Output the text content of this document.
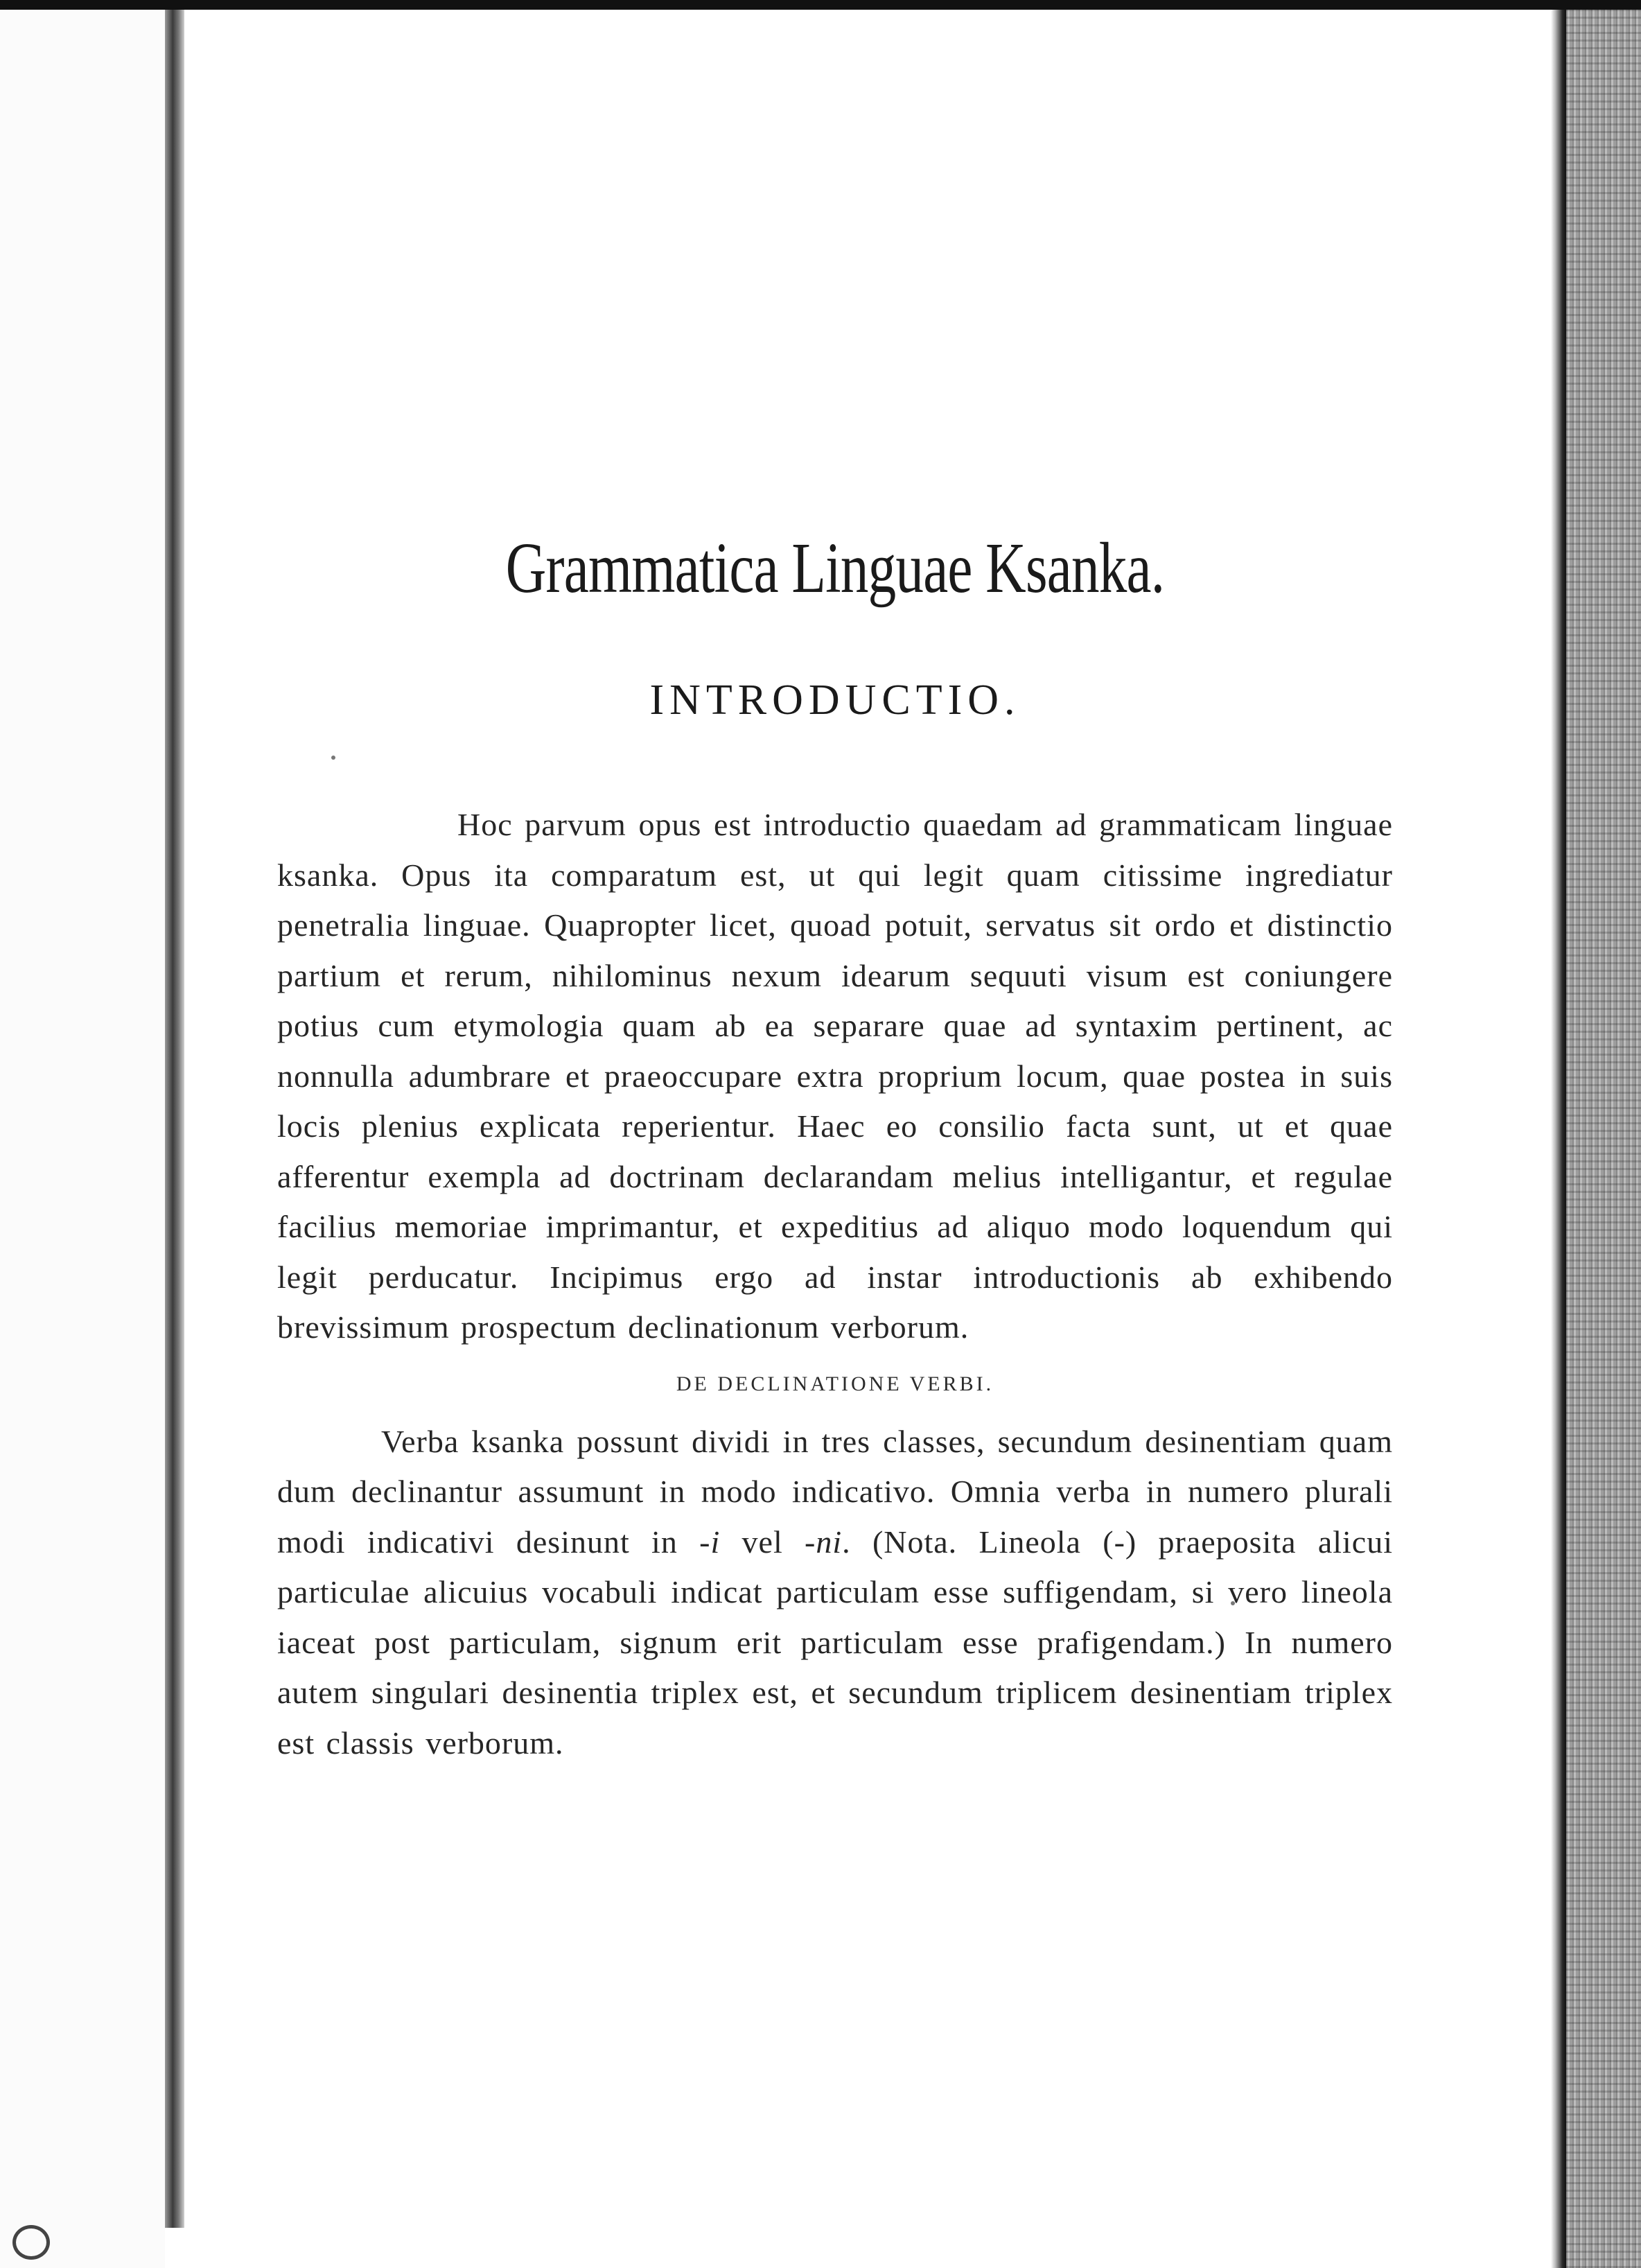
Grammatica Linguae Ksanka.
INTRODUCTIO.

Hoc parvum opus est introductio quaedam ad grammaticam linguae ksanka. Opus ita comparatum est, ut qui legit quam citissime ingrediatur penetralia linguae. Quapropter licet, quoad potuit, servatus sit ordo et distinctio partium et rerum, nihilominus nexum idearum sequuti visum est coniungere potius cum etymologia quam ab ea separare quae ad syntaxim pertinent, ac nonnulla adumbrare et praeoccupare extra proprium locum, quae postea in suis locis plenius explicata reperientur. Haec eo consilio facta sunt, ut et quae afferentur exempla ad doctrinam declarandam melius intelligantur, et regulae facilius memoriae imprimantur, et expeditius ad aliquo modo loquendum qui legit perducatur. Incipimus ergo ad instar introductionis ab exhibendo brevissimum prospectum declinationum verborum.

DE DECLINATIONE VERBI.

Verba ksanka possunt dividi in tres classes, secundum desinentiam quam dum declinantur assumunt in modo indicativo. Omnia verba in numero plurali modi indicativi desinunt in -i vel -ni. (Nota. Lineola (-) praeposita alicui particulae alicuius vocabuli indicat particulam esse suffigendam, si vero lineola iaceat post particulam, signum erit particulam esse prafigendam.) In numero autem singulari desinentia triplex est, et secundum triplicem desinentiam triplex est classis verborum.
